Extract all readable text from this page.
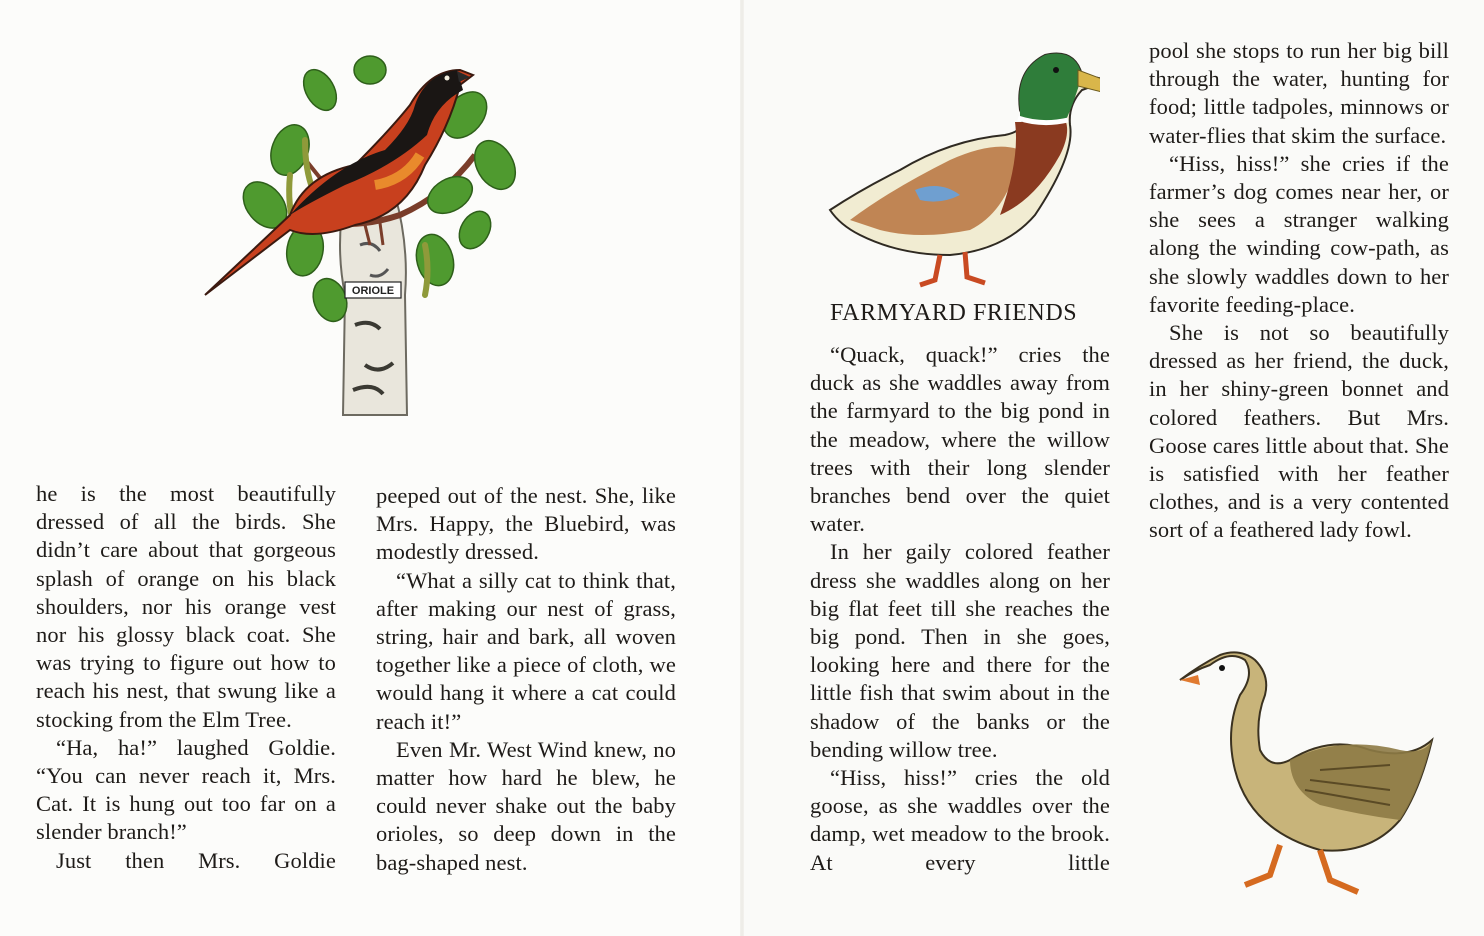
ORIOLE

he is the most beautifully dressed of all the birds. She didn’t care about that gorgeous splash of orange on his black shoulders, nor his orange vest nor his glossy black coat. She was trying to figure out how to reach his nest, that swung like a stocking from the Elm Tree.

“Ha, ha!” laughed Goldie. “You can never reach it, Mrs. Cat. It is hung out too far on a slender branch!”

Just then Mrs. Goldie

peeped out of the nest. She, like Mrs. Happy, the Bluebird, was modestly dressed.

“What a silly cat to think that, after making our nest of grass, string, hair and bark, all woven together like a piece of cloth, we would hang it where a cat could reach it!”

Even Mr. West Wind knew, no matter how hard he blew, he could never shake out the baby orioles, so deep down in the bag-shaped nest.

FARMYARD FRIENDS

“Quack, quack!” cries the duck as she waddles away from the farmyard to the big pond in the meadow, where the willow trees with their long slender branches bend over the quiet water.

In her gaily colored feather dress she waddles along on her big flat feet till she reaches the big pond. Then in she goes, looking here and there for the little fish that swim about in the shadow of the banks or the bending willow tree.

“Hiss, hiss!” cries the old goose, as she waddles over the damp, wet meadow to the brook. At every little

pool she stops to run her big bill through the water, hunting for food; little tadpoles, minnows or water-flies that skim the surface.

“Hiss, hiss!” she cries if the farmer’s dog comes near her, or she sees a stranger walking along the winding cow-path, as she slowly waddles down to her favorite feeding-place.

She is not so beautifully dressed as her friend, the duck, in her shiny-green bonnet and colored feathers. But Mrs. Goose cares little about that. She is satisfied with her feather clothes, and is a very contented sort of a feathered lady fowl.
